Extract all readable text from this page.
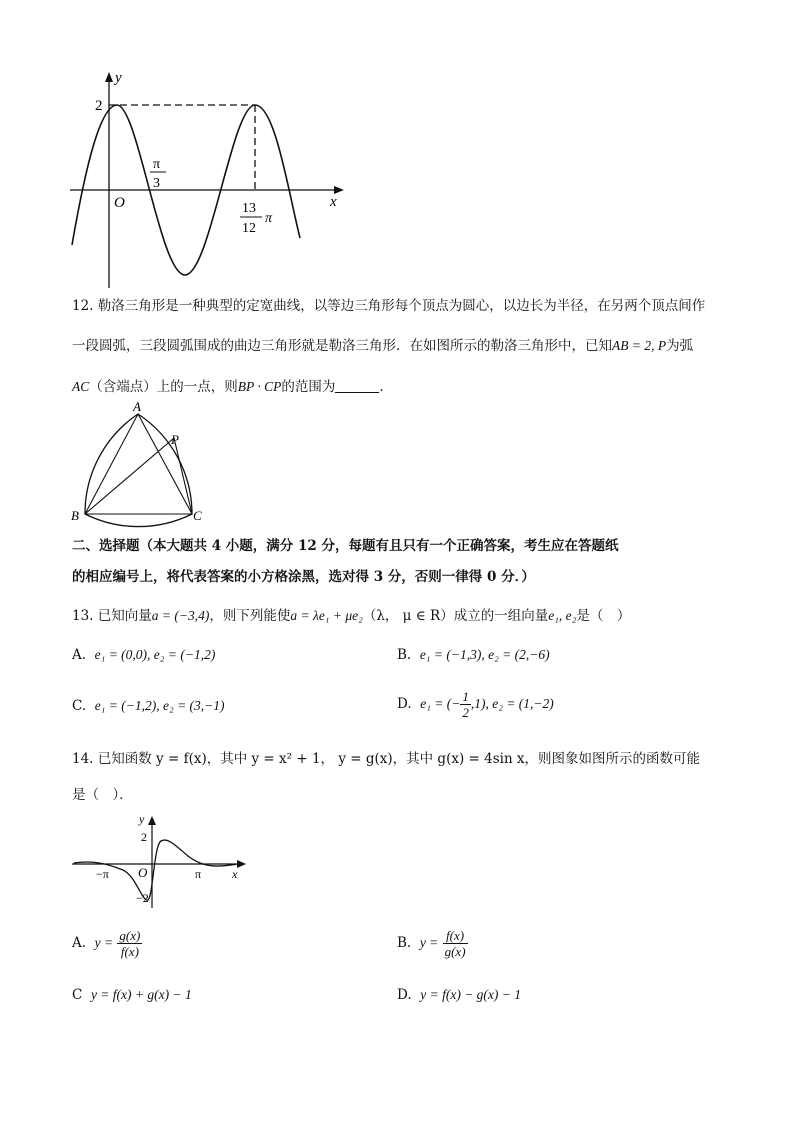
y
x
O
2
π
3
13
12
π
12. 勒洛三角形是一种典型的定宽曲线，以等边三角形每个顶点为圆心，以边长为半径，在另两个顶点间作
一段圆弧，三段圆弧围成的曲边三角形就是勒洛三角形．在如图所示的勒洛三角形中，已知AB = 2, P为弧
AC（含端点）上的一点，则BP · CP的范围为	．
A
B	C
P
二、选择题（本大题共 4 小题，满分 12 分，每题有且只有一个正确答案，考生应在答题纸
的相应编号上，将代表答案的小方格涂黑，选对得 3 分，否则一律得 0 分．）
13. 已知向量a = (−3,4)，则下列能使a = λe₁ + μe₂（λ， μ ∈ R）成立的一组向量e₁, e₂是（　）
A. e₁ = (0,0), e₂ = (−1,2)	B. e₁ = (−1,3), e₂ = (2,−6)
C. e₁ = (−1,2), e₂ = (3,−1)	D. e₁ = (− $\frac{1}{2} ,1$), e₂ = (1,−2)
14. 已知函数 y = f(x)，其中 y = x² + 1， y = g(x)，其中 g(x) = 4sin x，则图象如图所示的函数可能
是（　）．
y
x
O
2
−2
−π	π
A. $y = \frac{g(x)}{f(x)}$	B. $y = \frac{f(x)}{g(x)}$
C y = f(x) + g(x) − 1	D. y = f(x) − g(x) − 1
